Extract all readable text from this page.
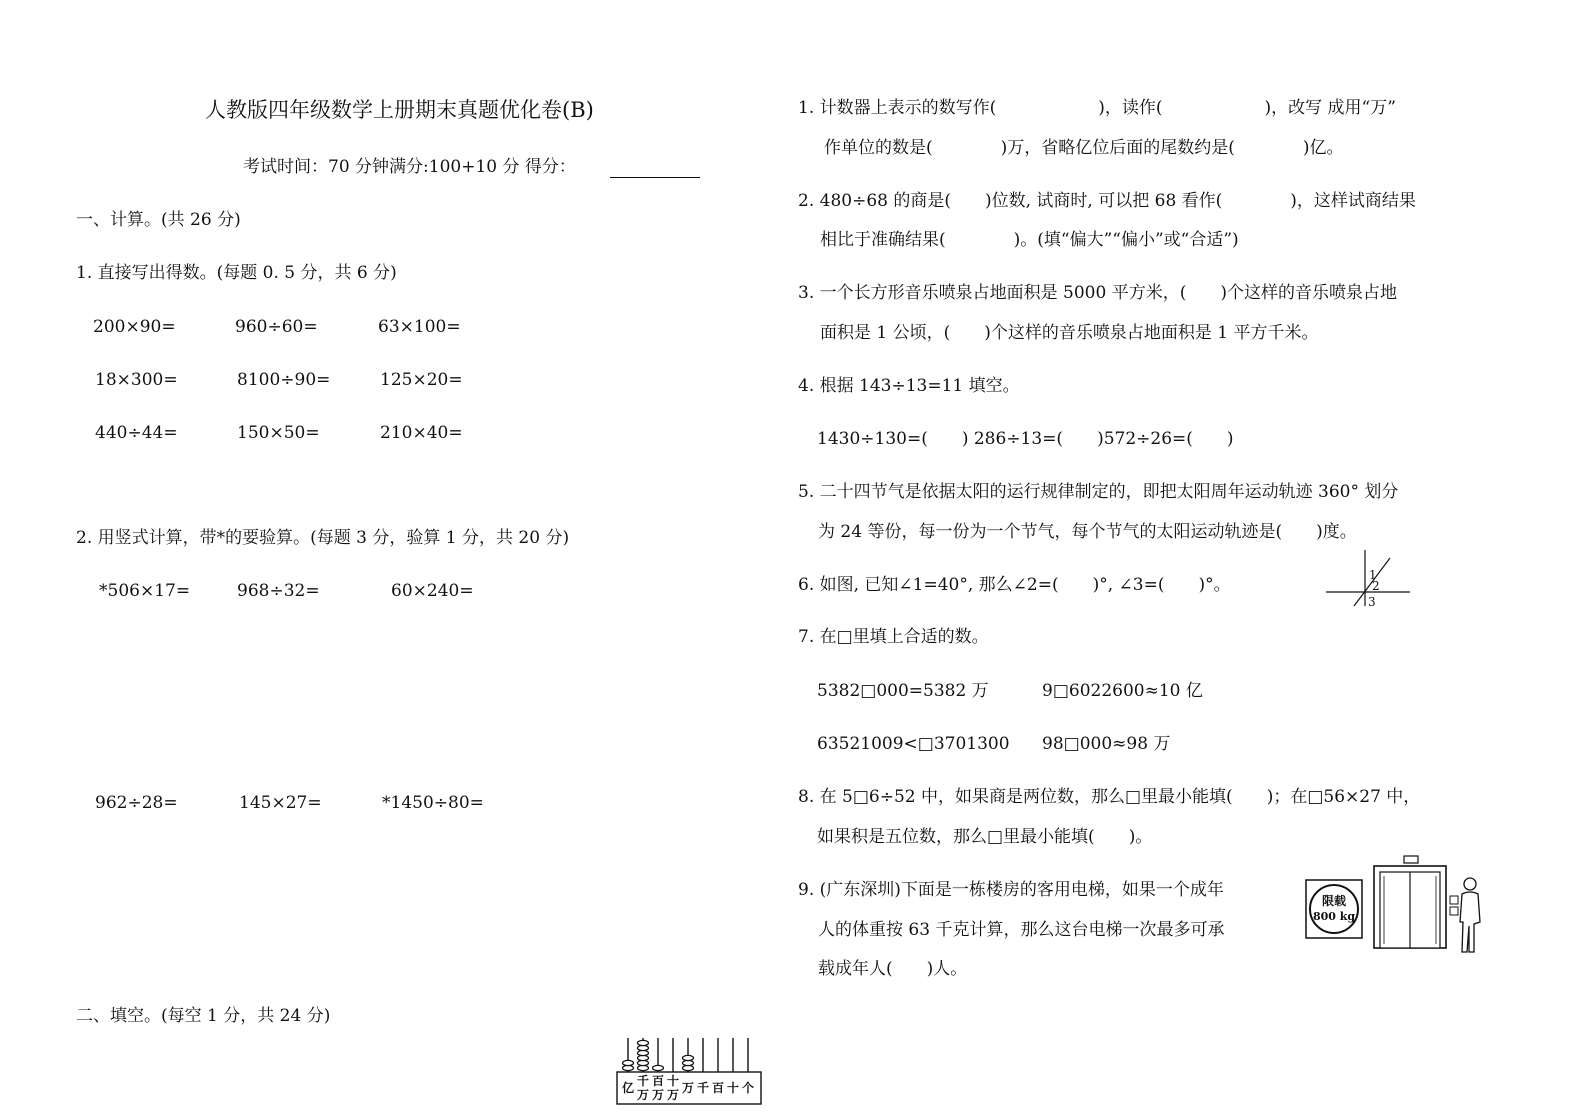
人教版四年级数学上册期末真题优化卷(B)
考试时间：70 分钟满分:100+10 分 得分：
一、计算。(共 26 分)
1. 直接写出得数。(每题 0. 5 分，共 6 分)
200×90=	960÷60=	63×100=
18×300=	8100÷90=	125×20=
440÷44=	150×50=	210×40=
2. 用竖式计算，带*的要验算。(每题 3 分，验算 1 分，共 20 分)
*506×17=	968÷32=	60×240=
962÷28=	145×27=	*1450÷80=
二、填空。(每空 1 分，共 24 分)
亿 千
万
百
万
十
万 万 千 百 十 个
1. 计数器上表示的数写作(　　　　　　)，读作(　　　　　　)，改写 成用“万”
作单位的数是(　　　　)万，省略亿位后面的尾数约是(　　　　)亿。
2. 480÷68 的商是(　　)位数, 试商时, 可以把 68 看作(　　　　)，这样试商结果
相比于准确结果(　　　　)。(填“偏大”“偏小”或“合适”)
3. 一个长方形音乐喷泉占地面积是 5000 平方米，(　　)个这样的音乐喷泉占地
面积是 1 公顷，(　　)个这样的音乐喷泉占地面积是 1 平方千米。
4. 根据 143÷13=11 填空。
1430÷130=(　　) 286÷13=(　　)572÷26=(　　)
5. 二十四节气是依据太阳的运行规律制定的，即把太阳周年运动轨迹 360° 划分
为 24 等份，每一份为一个节气，每个节气的太阳运动轨迹是(　　)度。
6. 如图, 已知∠1=40°, 那么∠2=(　　)°, ∠3=(　　)°。	1
2
3
7. 在□里填上合适的数。
5382□000=5382 万	9□6022600≈10 亿
63521009<□3701300 98□000≈98 万
8. 在 5□6÷52 中，如果商是两位数，那么□里最小能填(　　)；在□56×27 中，
如果积是五位数，那么□里最小能填(　　)。
9. (广东深圳)下面是一栋楼房的客用电梯，如果一个成年
人的体重按 63 千克计算，那么这台电梯一次最多可承
载成年人(　　)人。
限载
800 kg
